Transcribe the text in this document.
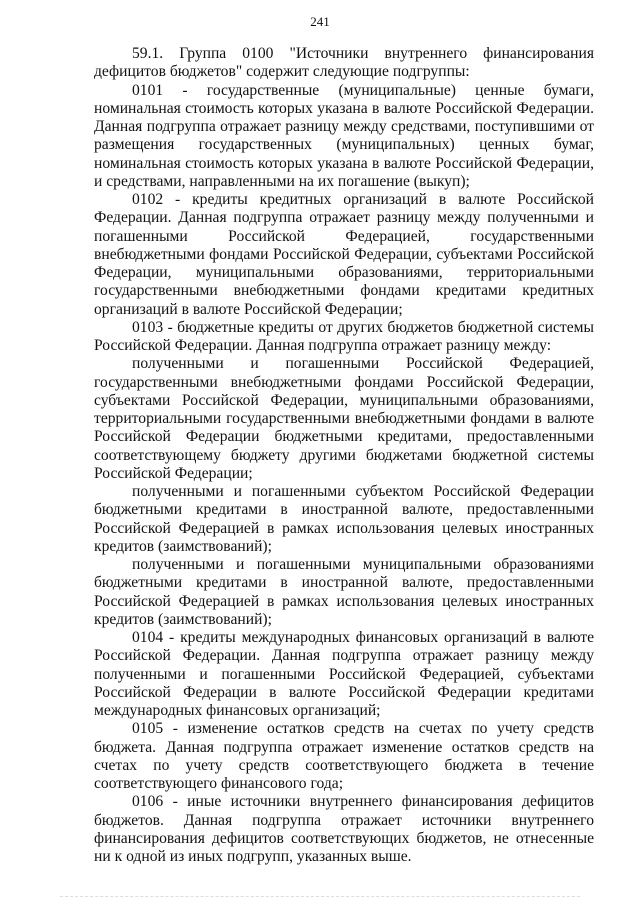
241

59.1. Группа 0100 "Источники внутреннего финансирования дефицитов бюджетов" содержит следующие подгруппы:

0101 - государственные (муниципальные) ценные бумаги, номинальная стоимость которых указана в валюте Российской Федерации. Данная подгруппа отражает разницу между средствами, поступившими от размещения государственных (муниципальных) ценных бумаг, номинальная стоимость которых указана в валюте Российской Федерации, и средствами, направленными на их погашение (выкуп);

0102 - кредиты кредитных организаций в валюте Российской Федерации. Данная подгруппа отражает разницу между полученными и погашенными Российской Федерацией, государственными внебюджетными фондами Российской Федерации, субъектами Российской Федерации, муниципальными образованиями, территориальными государственными внебюджетными фондами кредитами кредитных организаций в валюте Российской Федерации;

0103 - бюджетные кредиты от других бюджетов бюджетной системы Российской Федерации. Данная подгруппа отражает разницу между:

полученными и погашенными Российской Федерацией, государственными внебюджетными фондами Российской Федерации, субъектами Российской Федерации, муниципальными образованиями, территориальными государственными внебюджетными фондами в валюте Российской Федерации бюджетными кредитами, предоставленными соответствующему бюджету другими бюджетами бюджетной системы Российской Федерации;

полученными и погашенными субъектом Российской Федерации бюджетными кредитами в иностранной валюте, предоставленными Российской Федерацией в рамках использования целевых иностранных кредитов (заимствований);

полученными и погашенными муниципальными образованиями бюджетными кредитами в иностранной валюте, предоставленными Российской Федерацией в рамках использования целевых иностранных кредитов (заимствований);

0104 - кредиты международных финансовых организаций в валюте Российской Федерации. Данная подгруппа отражает разницу между полученными и погашенными Российской Федерацией, субъектами Российской Федерации в валюте Российской Федерации кредитами международных финансовых организаций;

0105 - изменение остатков средств на счетах по учету средств бюджета. Данная подгруппа отражает изменение остатков средств на счетах по учету средств соответствующего бюджета в течение соответствующего финансового года;

0106 - иные источники внутреннего финансирования дефицитов бюджетов. Данная подгруппа отражает источники внутреннего финансирования дефицитов соответствующих бюджетов, не отнесенные ни к одной из иных подгрупп, указанных выше.
